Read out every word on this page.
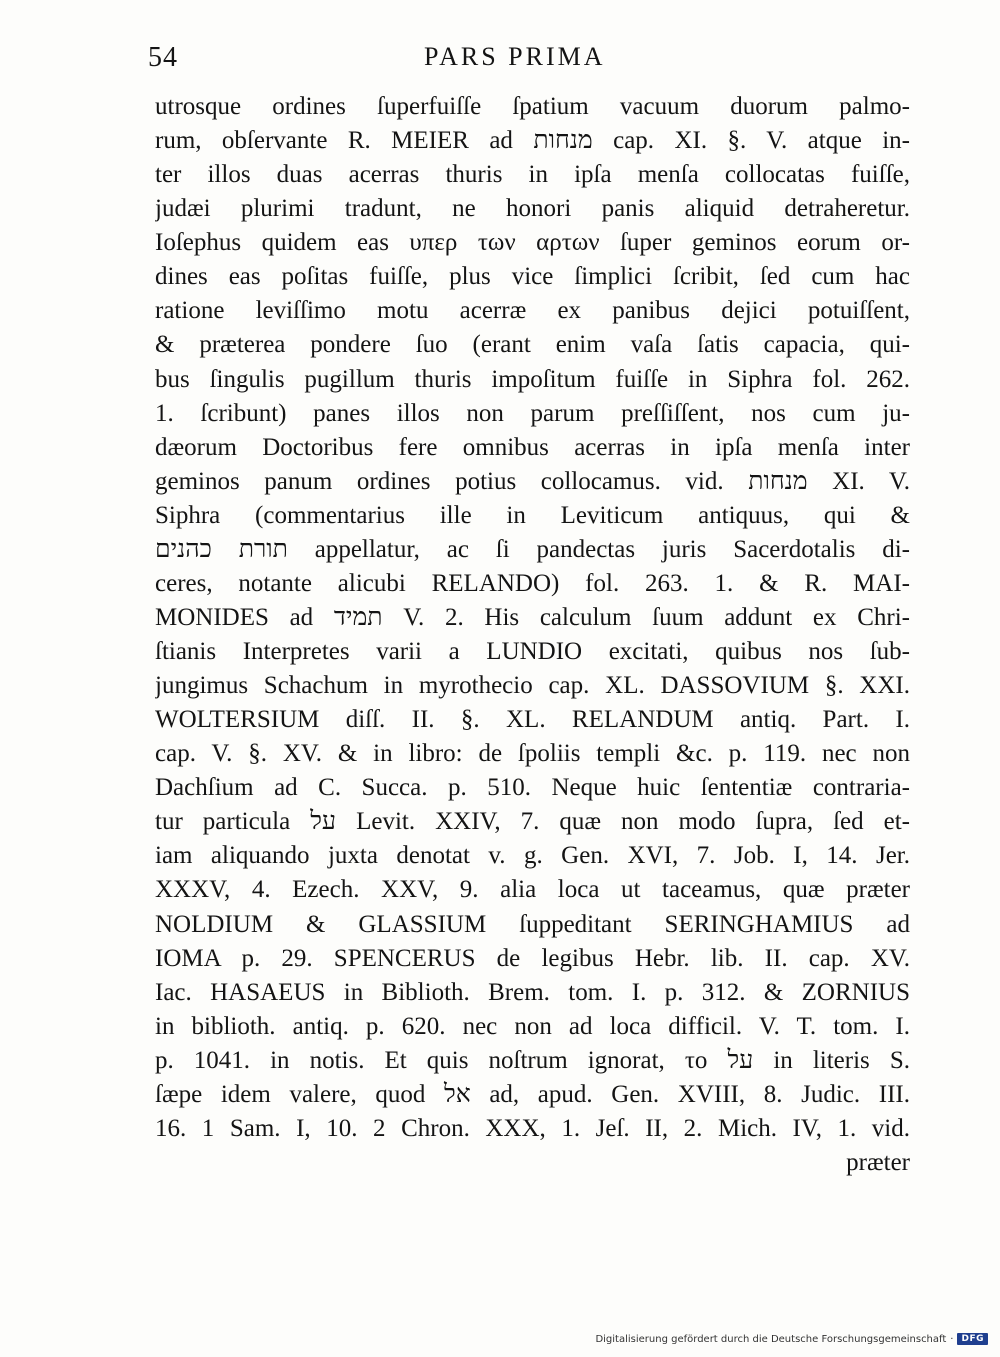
54	PARS PRIMA
utrosque ordines ſuperfuiſſe ſpatium vacuum duorum palmo-
rum, obſervante R. MEIER ad מנחות cap. XI. §. V. atque in-
ter illos duas acerras thuris in ipſa menſa collocatas fuiſſe,
judæi plurimi tradunt, ne honori panis aliquid detraheretur.
Ioſephus quidem eas υπερ των αρτων ſuper geminos eorum or-
dines eas poſitas fuiſſe, plus vice ſimplici ſcribit, ſed cum hac
ratione leviſſimo motu acerræ ex panibus dejici potuiſſent,
& præterea pondere ſuo (erant enim vaſa ſatis capacia, qui-
bus ſingulis pugillum thuris impoſitum fuiſſe in Siphra fol. 262.
1. ſcribunt) panes illos non parum preſſiſſent, nos cum ju-
dæorum Doctoribus fere omnibus acerras in ipſa menſa inter
geminos panum ordines potius collocamus. vid. מנחות XI. V.
Siphra (commentarius ille in Leviticum antiquus, qui &
תורת כהנים appellatur, ac ſi pandectas juris Sacerdotalis di-
ceres, notante alicubi RELANDO) fol. 263. 1. & R. MAI-
MONIDES ad תמיד V. 2. His calculum ſuum addunt ex Chri-
ſtianis Interpretes varii a LUNDIO excitati, quibus nos ſub-
jungimus Schachum in myrothecio cap. XL. DASSOVIUM §. XXI.
WOLTERSIUM diſſ. II. §. XL. RELANDUM antiq. Part. I.
cap. V. §. XV. & in libro: de ſpoliis templi &c. p. 119. nec non
Dachſium ad C. Succa. p. 510. Neque huic ſententiæ contraria-
tur particula על Levit. XXIV, 7. quæ non modo ſupra, ſed et-
iam aliquando juxta denotat v. g. Gen. XVI, 7. Job. I, 14. Jer.
XXXV, 4. Ezech. XXV, 9. alia loca ut taceamus, quæ præter
NOLDIUM & GLASSIUM ſuppeditant SERINGHAMIUS ad
IOMA p. 29. SPENCERUS de legibus Hebr. lib. II. cap. XV.
Iac. HASAEUS in Biblioth. Brem. tom. I. p. 312. & ZORNIUS
in biblioth. antiq. p. 620. nec non ad loca difficil. V. T. tom. I.
p. 1041. in notis. Et quis noſtrum ignorat, τo על in literis S.
ſæpe idem valere, quod אל ad, apud. Gen. XVIII, 8. Judic. III.
16. 1 Sam. I, 10. 2 Chron. XXX, 1. Jeſ. II, 2. Mich. IV, 1. vid.
præter
Digitalisierung gefördert durch die Deutsche Forschungsgemeinschaft · DFG
